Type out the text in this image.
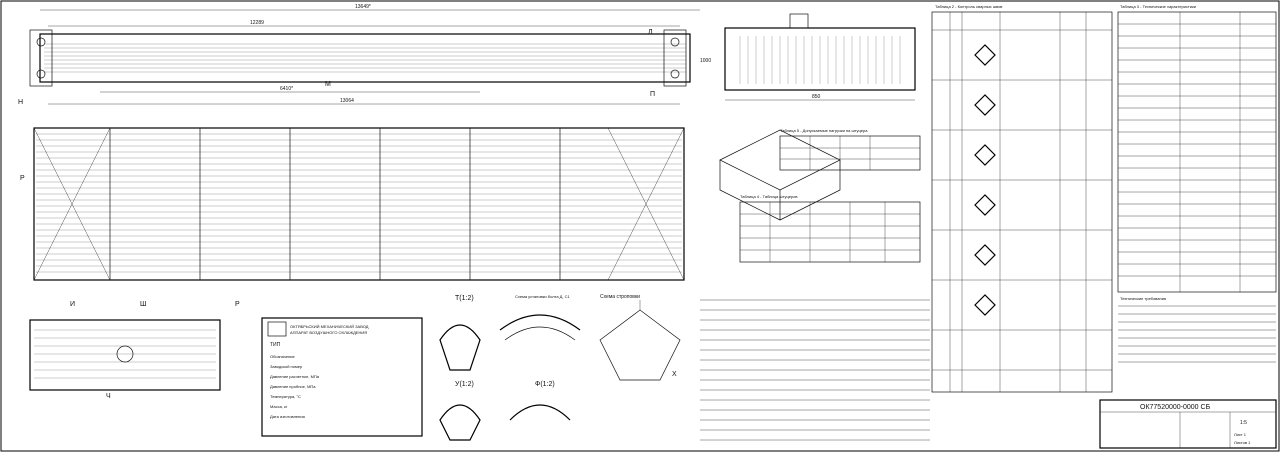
13649*
12289
13064
6410*
Н
М
Л
П	850
1000
Р
И	Ш
Ч
Р
ОКТЯБРЬСКИЙ МЕХАНИЧЕСКИЙ ЗАВОД
АППАРАТ ВОЗДУШНОГО ОХЛАЖДЕНИЯ
ТИП
Обозначение
Заводской номер
Давление расчетное, МПа
Давление пробное, МПа
Температура, °С
Масса, кг
Дата изготовления
Т(1:2)
У(1:2)
Схема установки болта Д, С1
Ф(1:2)
Схема строповки
Х
Таблица 5 - Допускаемые нагрузки на штуцера
Таблица 4 - Таблица штуцеров
Таблица 2 - Контроль сварных швов	Таблица 3 - Технические характеристики
Технические требования
ОК77520000-0000 СБ
1:5
Лист 1
Листов 1
